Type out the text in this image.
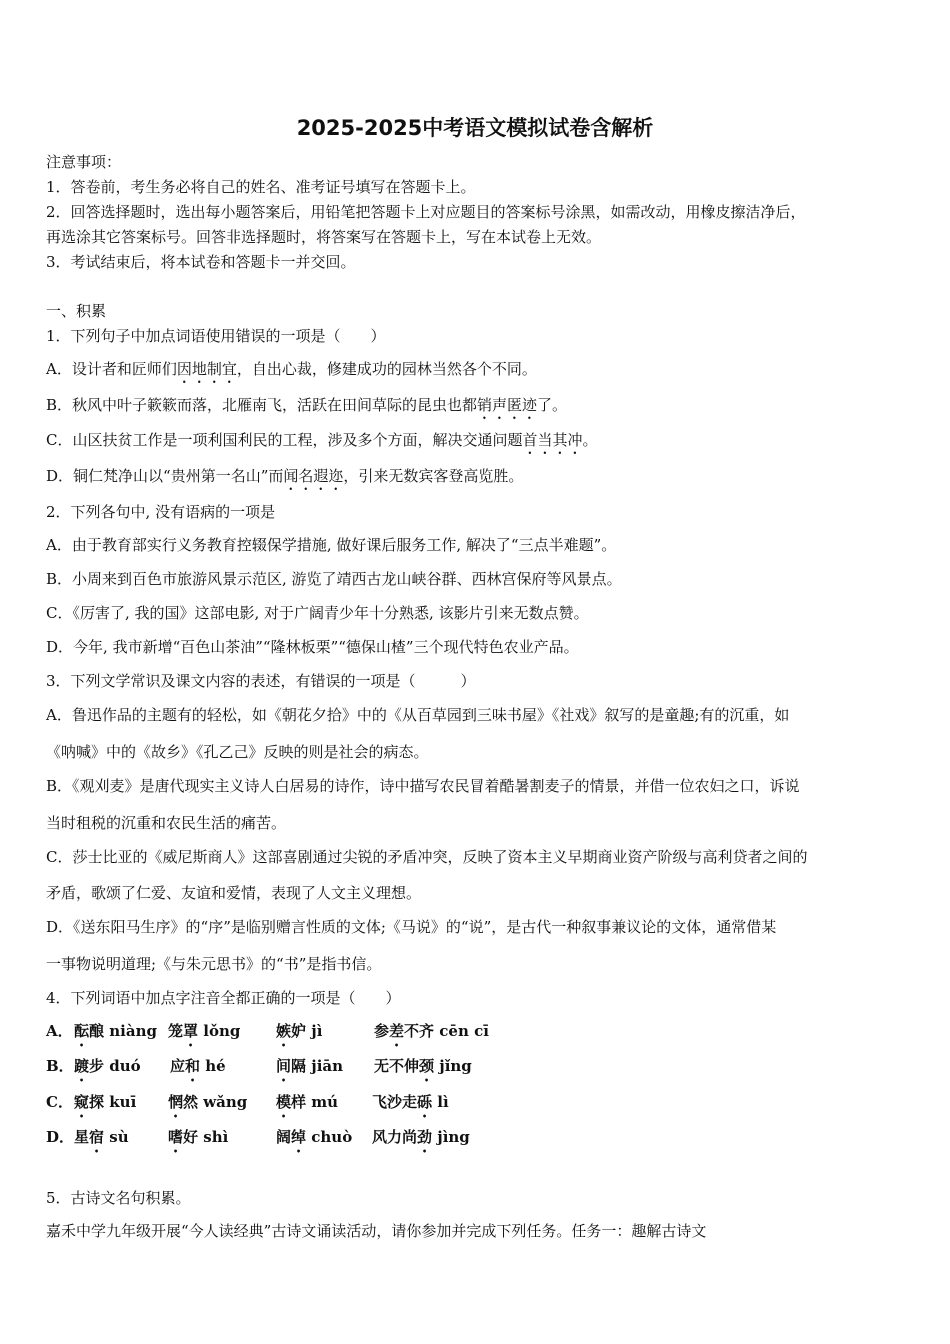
2025-2025中考语文模拟试卷含解析
注意事项：
1．答卷前，考生务必将自己的姓名、准考证号填写在答题卡上。
2．回答选择题时，选出每小题答案后，用铅笔把答题卡上对应题目的答案标号涂黑，如需改动，用橡皮擦洁净后，
再选涂其它答案标号。回答非选择题时，将答案写在答题卡上，写在本试卷上无效。
3．考试结束后，将本试卷和答题卡一并交回。
一、积累
1．下列句子中加点词语使用错误的一项是（　　）
A．设计者和匠师们因地制宜，自出心裁，修建成功的园林当然各个不同。
B．秋风中叶子簌簌而落，北雁南飞，活跃在田间草际的昆虫也都销声匿迹了。
C．山区扶贫工作是一项利国利民的工程，涉及多个方面，解决交通问题首当其冲。
D．铜仁梵净山以“贵州第一名山”而闻名遐迩，引来无数宾客登高览胜。
2．下列各句中, 没有语病的一项是
A．由于教育部实行义务教育控辍保学措施, 做好课后服务工作, 解决了“三点半难题”。
B．小周来到百色市旅游风景示范区, 游览了靖西古龙山峡谷群、西林宫保府等风景点。
C．《厉害了, 我的国》这部电影, 对于广阔青少年十分熟悉, 该影片引来无数点赞。
D．今年, 我市新增“百色山茶油”“隆林板栗”“德保山楂”三个现代特色农业产品。
3．下列文学常识及课文内容的表述，有错误的一项是（　　　）
A．鲁迅作品的主题有的轻松，如《朝花夕拾》中的《从百草园到三味书屋》《社戏》叙写的是童趣;有的沉重，如
《呐喊》中的《故乡》《孔乙己》反映的则是社会的病态。
B．《观刈麦》是唐代现实主义诗人白居易的诗作，诗中描写农民冒着酷暑割麦子的情景，并借一位农妇之口，诉说
当时租税的沉重和农民生活的痛苦。
C．莎士比亚的《威尼斯商人》这部喜剧通过尖锐的矛盾冲突，反映了资本主义早期商业资产阶级与高利贷者之间的
矛盾，歌颂了仁爱、友谊和爱情，表现了人文主义理想。
D．《送东阳马生序》的“序”是临别赠言性质的文体;《马说》的“说”，是古代一种叙事兼议论的文体，通常借某
一事物说明道理;《与朱元思书》的“书”是指书信。
4．下列词语中加点字注音全都正确的一项是（　　）
A． 酝酿 niàng 笼罩 lǒng 嫉妒 jì	参差不齐 cēn cī
B． 踱步 duó 应和 hé	间隔 jiān 无不伸颈 jǐng
C． 窥探 kuī 惘然 wǎng 模样 mú 飞沙走砾 lì
D． 星宿 sù	嗜好 shì	阔绰 chuò 风力尚劲 jìng
5．古诗文名句积累。
嘉禾中学九年级开展“今人读经典”古诗文诵读活动，请你参加并完成下列任务。任务一：趣解古诗文
